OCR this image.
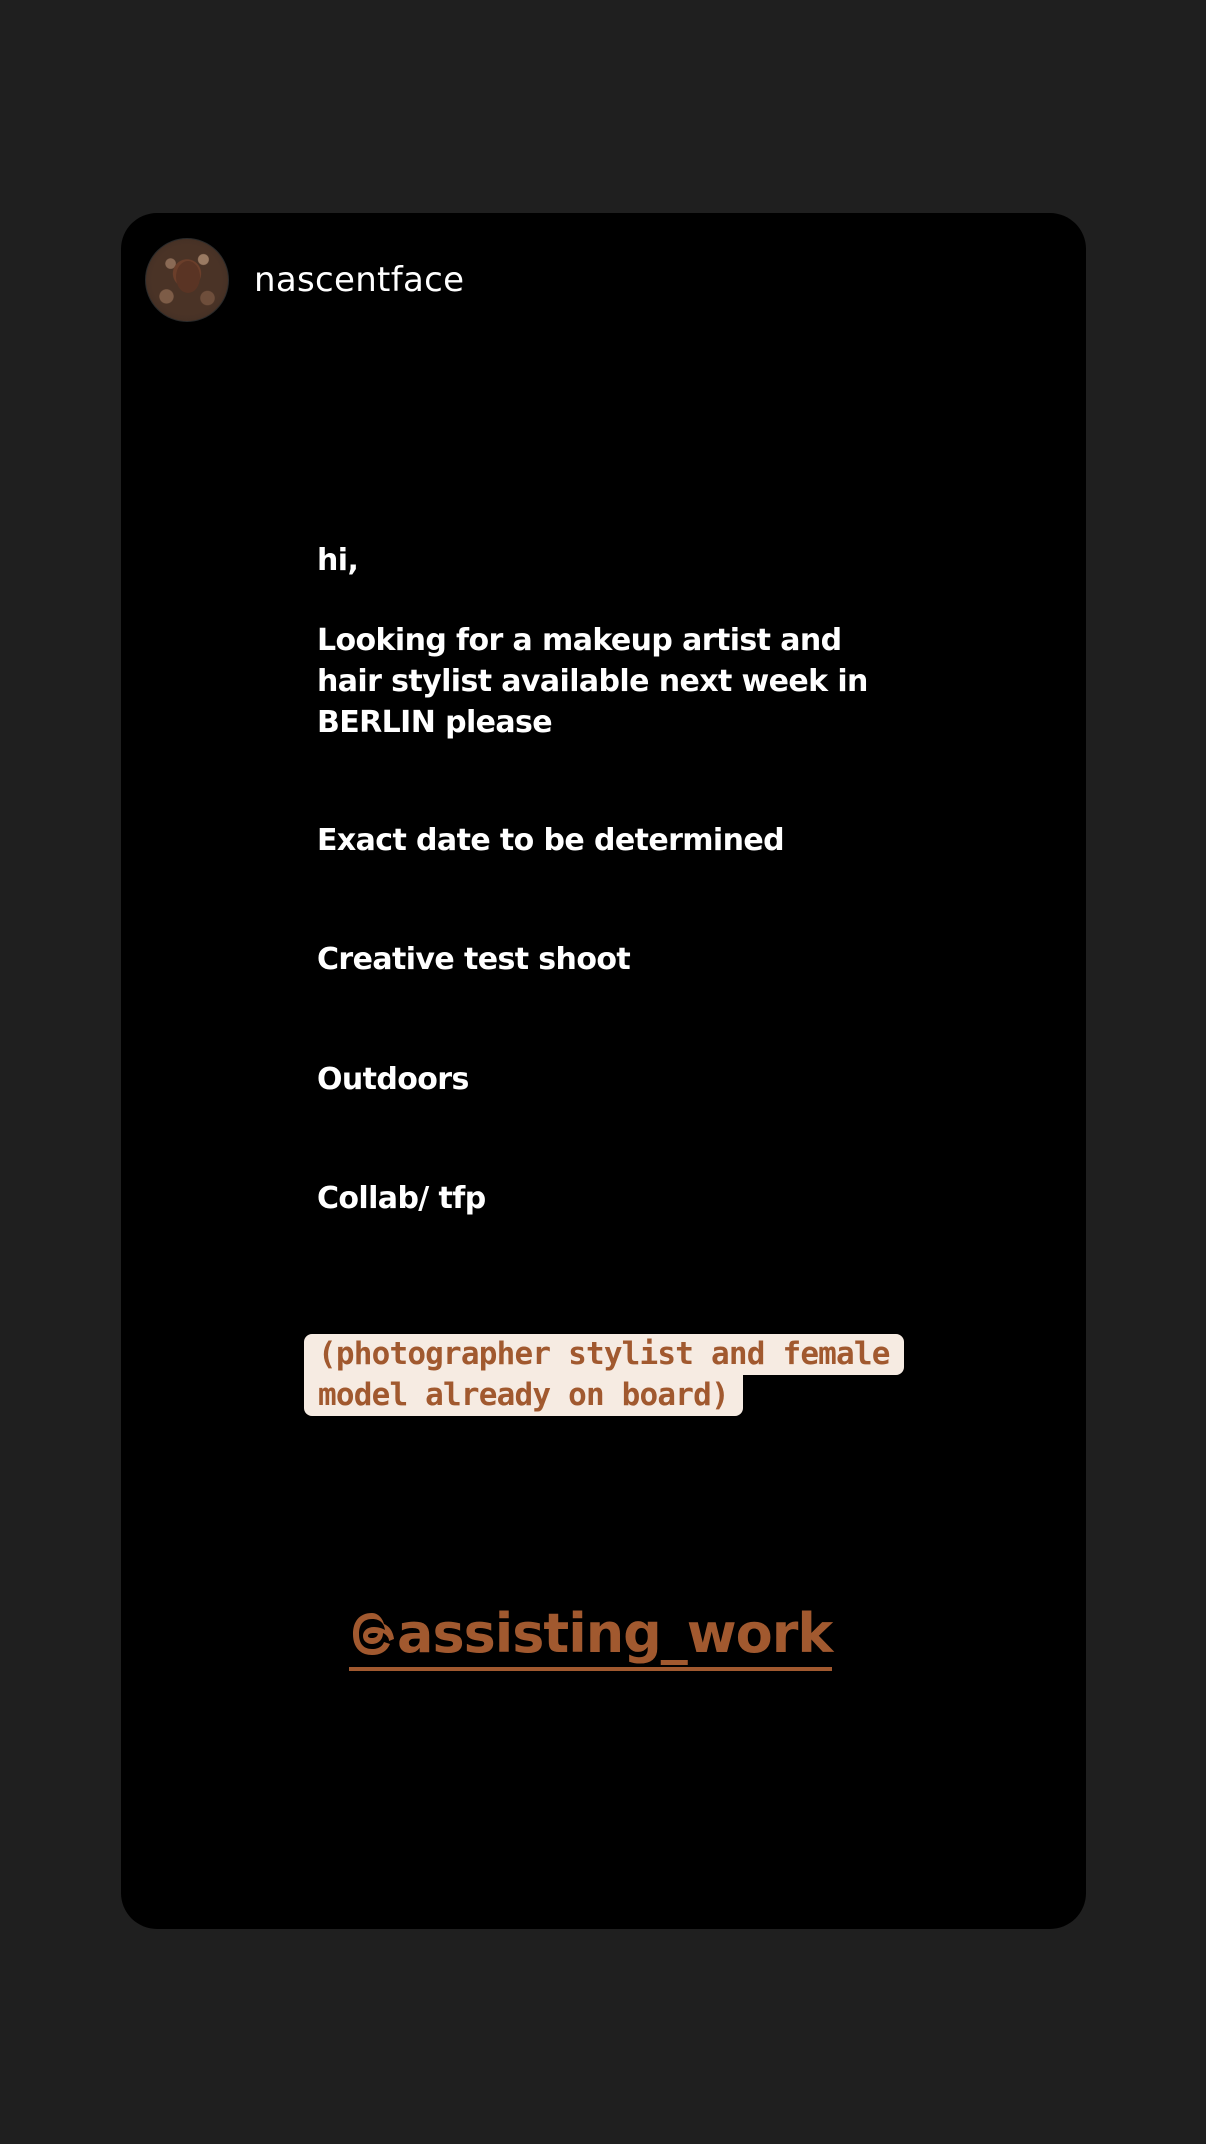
nascentface
hi,
Looking for a makeup artist and
hair stylist available next week in
BERLIN please
Exact date to be determined
Creative test shoot
Outdoors
Collab/ tfp
(photographer stylist and female
model already on board)
assisting_work
